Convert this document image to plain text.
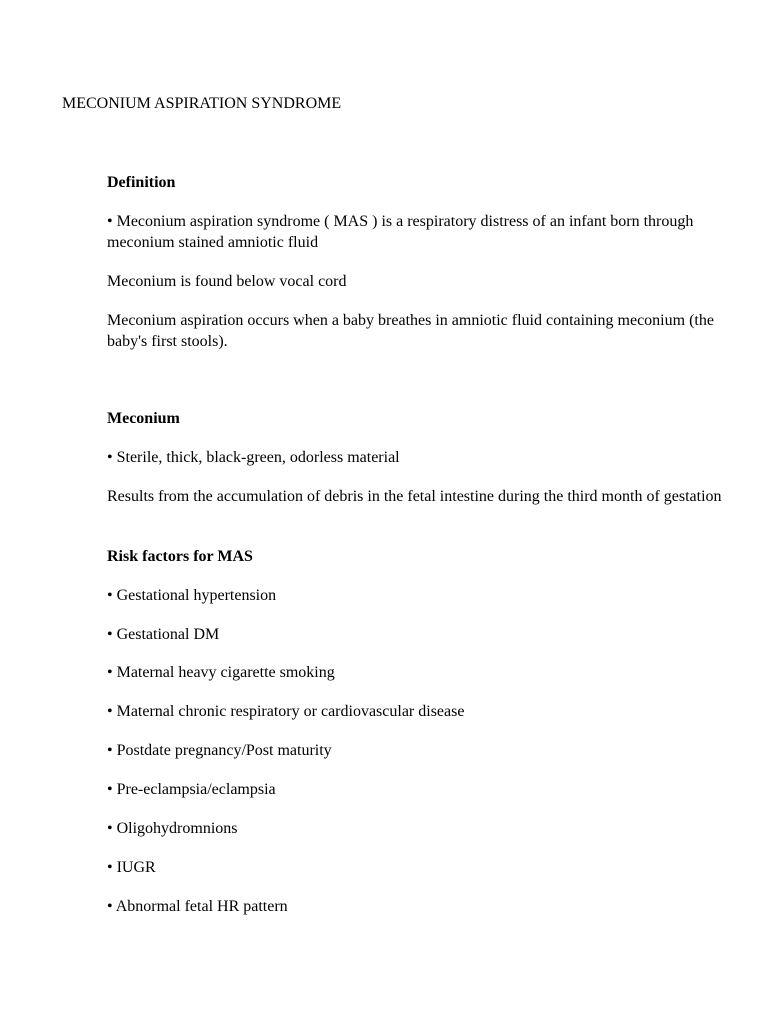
MECONIUM ASPIRATION SYNDROME
Definition
• Meconium aspiration syndrome ( MAS ) is a respiratory distress of an infant born through meconium stained amniotic fluid
Meconium is found below vocal cord
Meconium aspiration occurs when a baby breathes in amniotic fluid containing meconium (the baby's first stools).
Meconium
• Sterile, thick, black-green, odorless material
Results from the accumulation of debris in the fetal intestine during the third month of gestation
Risk factors for MAS
• Gestational hypertension
• Gestational DM
• Maternal heavy cigarette smoking
• Maternal chronic respiratory or cardiovascular disease
• Postdate pregnancy/Post maturity
• Pre-eclampsia/eclampsia
• Oligohydromnions
• IUGR
• Abnormal fetal HR pattern
